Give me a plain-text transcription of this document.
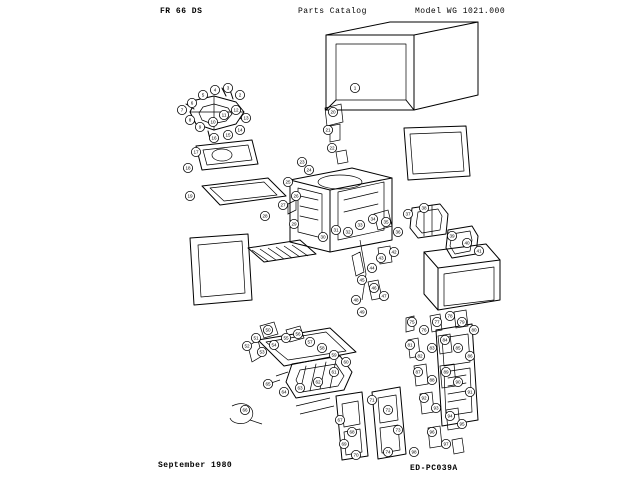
FR 66 DS	Parts Catalog	Model WG 1021.000
1
2
3
4
5
6
7
8
9
10
11
12
13
14
15
16
17
18
19
20
21
22
23
24
25
26
27
28
29
30
31 32
33
34
35
36
37
38
39
40
41
42
43
44
45
46
47
48
49
50
51
52
53
54
55
56
57
58
59
60
61
62
63
64
65
66
67
68
69
70
71
72
73
74
75
76
77
78
79
80
81
82
83
84
85
86
87
88
89
90
91
92
93
94
95
96
97
98
September 1980	ED-PC039A
